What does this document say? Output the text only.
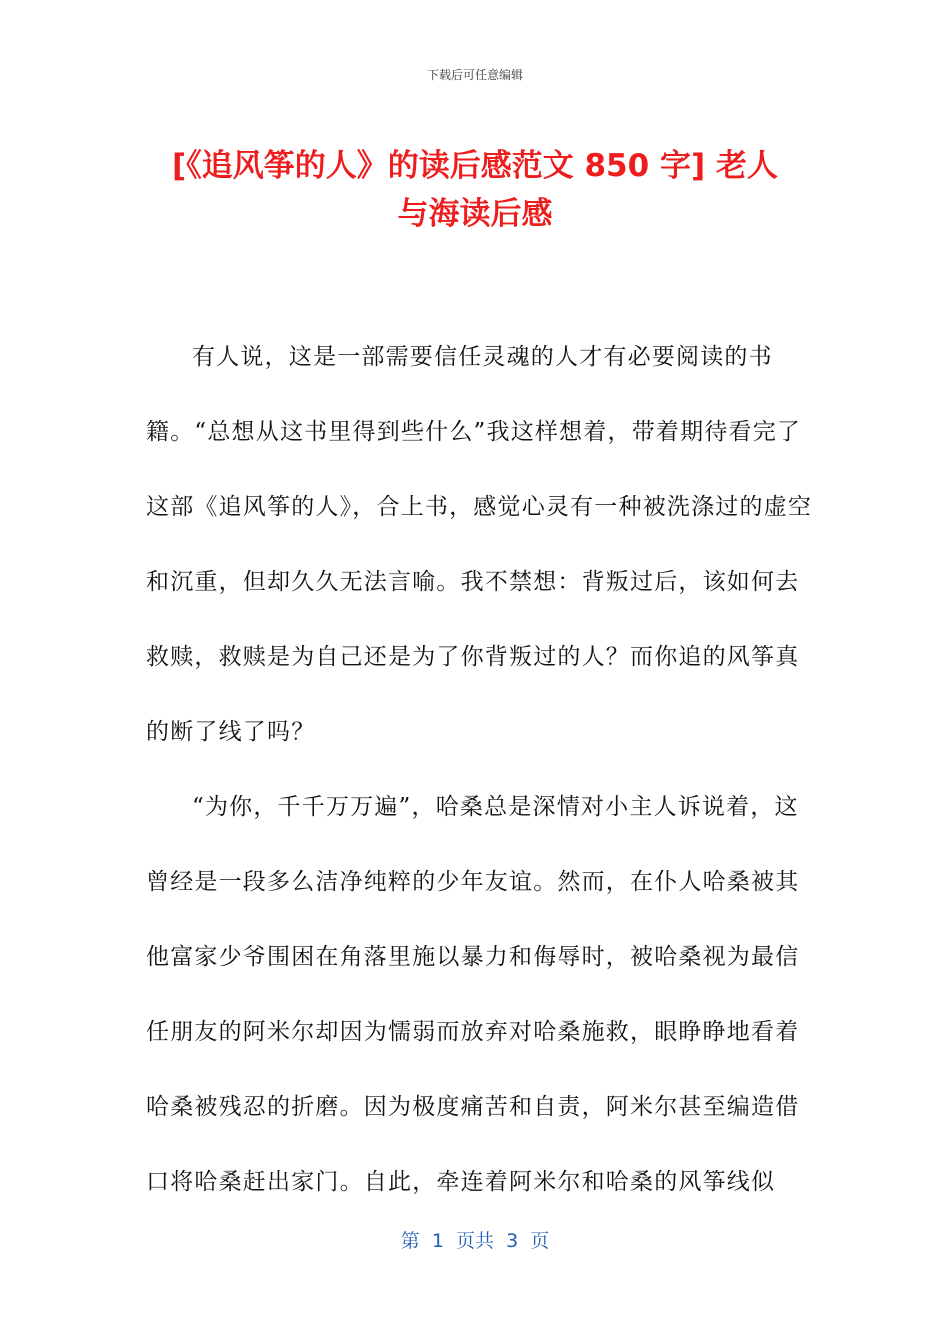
下载后可任意编辑
[《追风筝的人》的读后感范文 850 字] 老人
与海读后感

有人说，这是一部需要信任灵魂的人才有必要阅读的书籍。“总想从这书里得到些什么”我这样想着，带着期待看完了这部《追风筝的人》，合上书，感觉心灵有一种被洗涤过的虚空和沉重，但却久久无法言喻。我不禁想：背叛过后，该如何去救赎，救赎是为自己还是为了你背叛过的人？而你追的风筝真的断了线了吗？

“为你，千千万万遍”，哈桑总是深情对小主人诉说着，这曾经是一段多么洁净纯粹的少年友谊。然而，在仆人哈桑被其他富家少爷围困在角落里施以暴力和侮辱时，被哈桑视为最信任朋友的阿米尔却因为懦弱而放弃对哈桑施救，眼睁睁地看着哈桑被残忍的折磨。因为极度痛苦和自责，阿米尔甚至编造借口将哈桑赶出家门。自此，牵连着阿米尔和哈桑的风筝线似

第  1  页共  3  页
